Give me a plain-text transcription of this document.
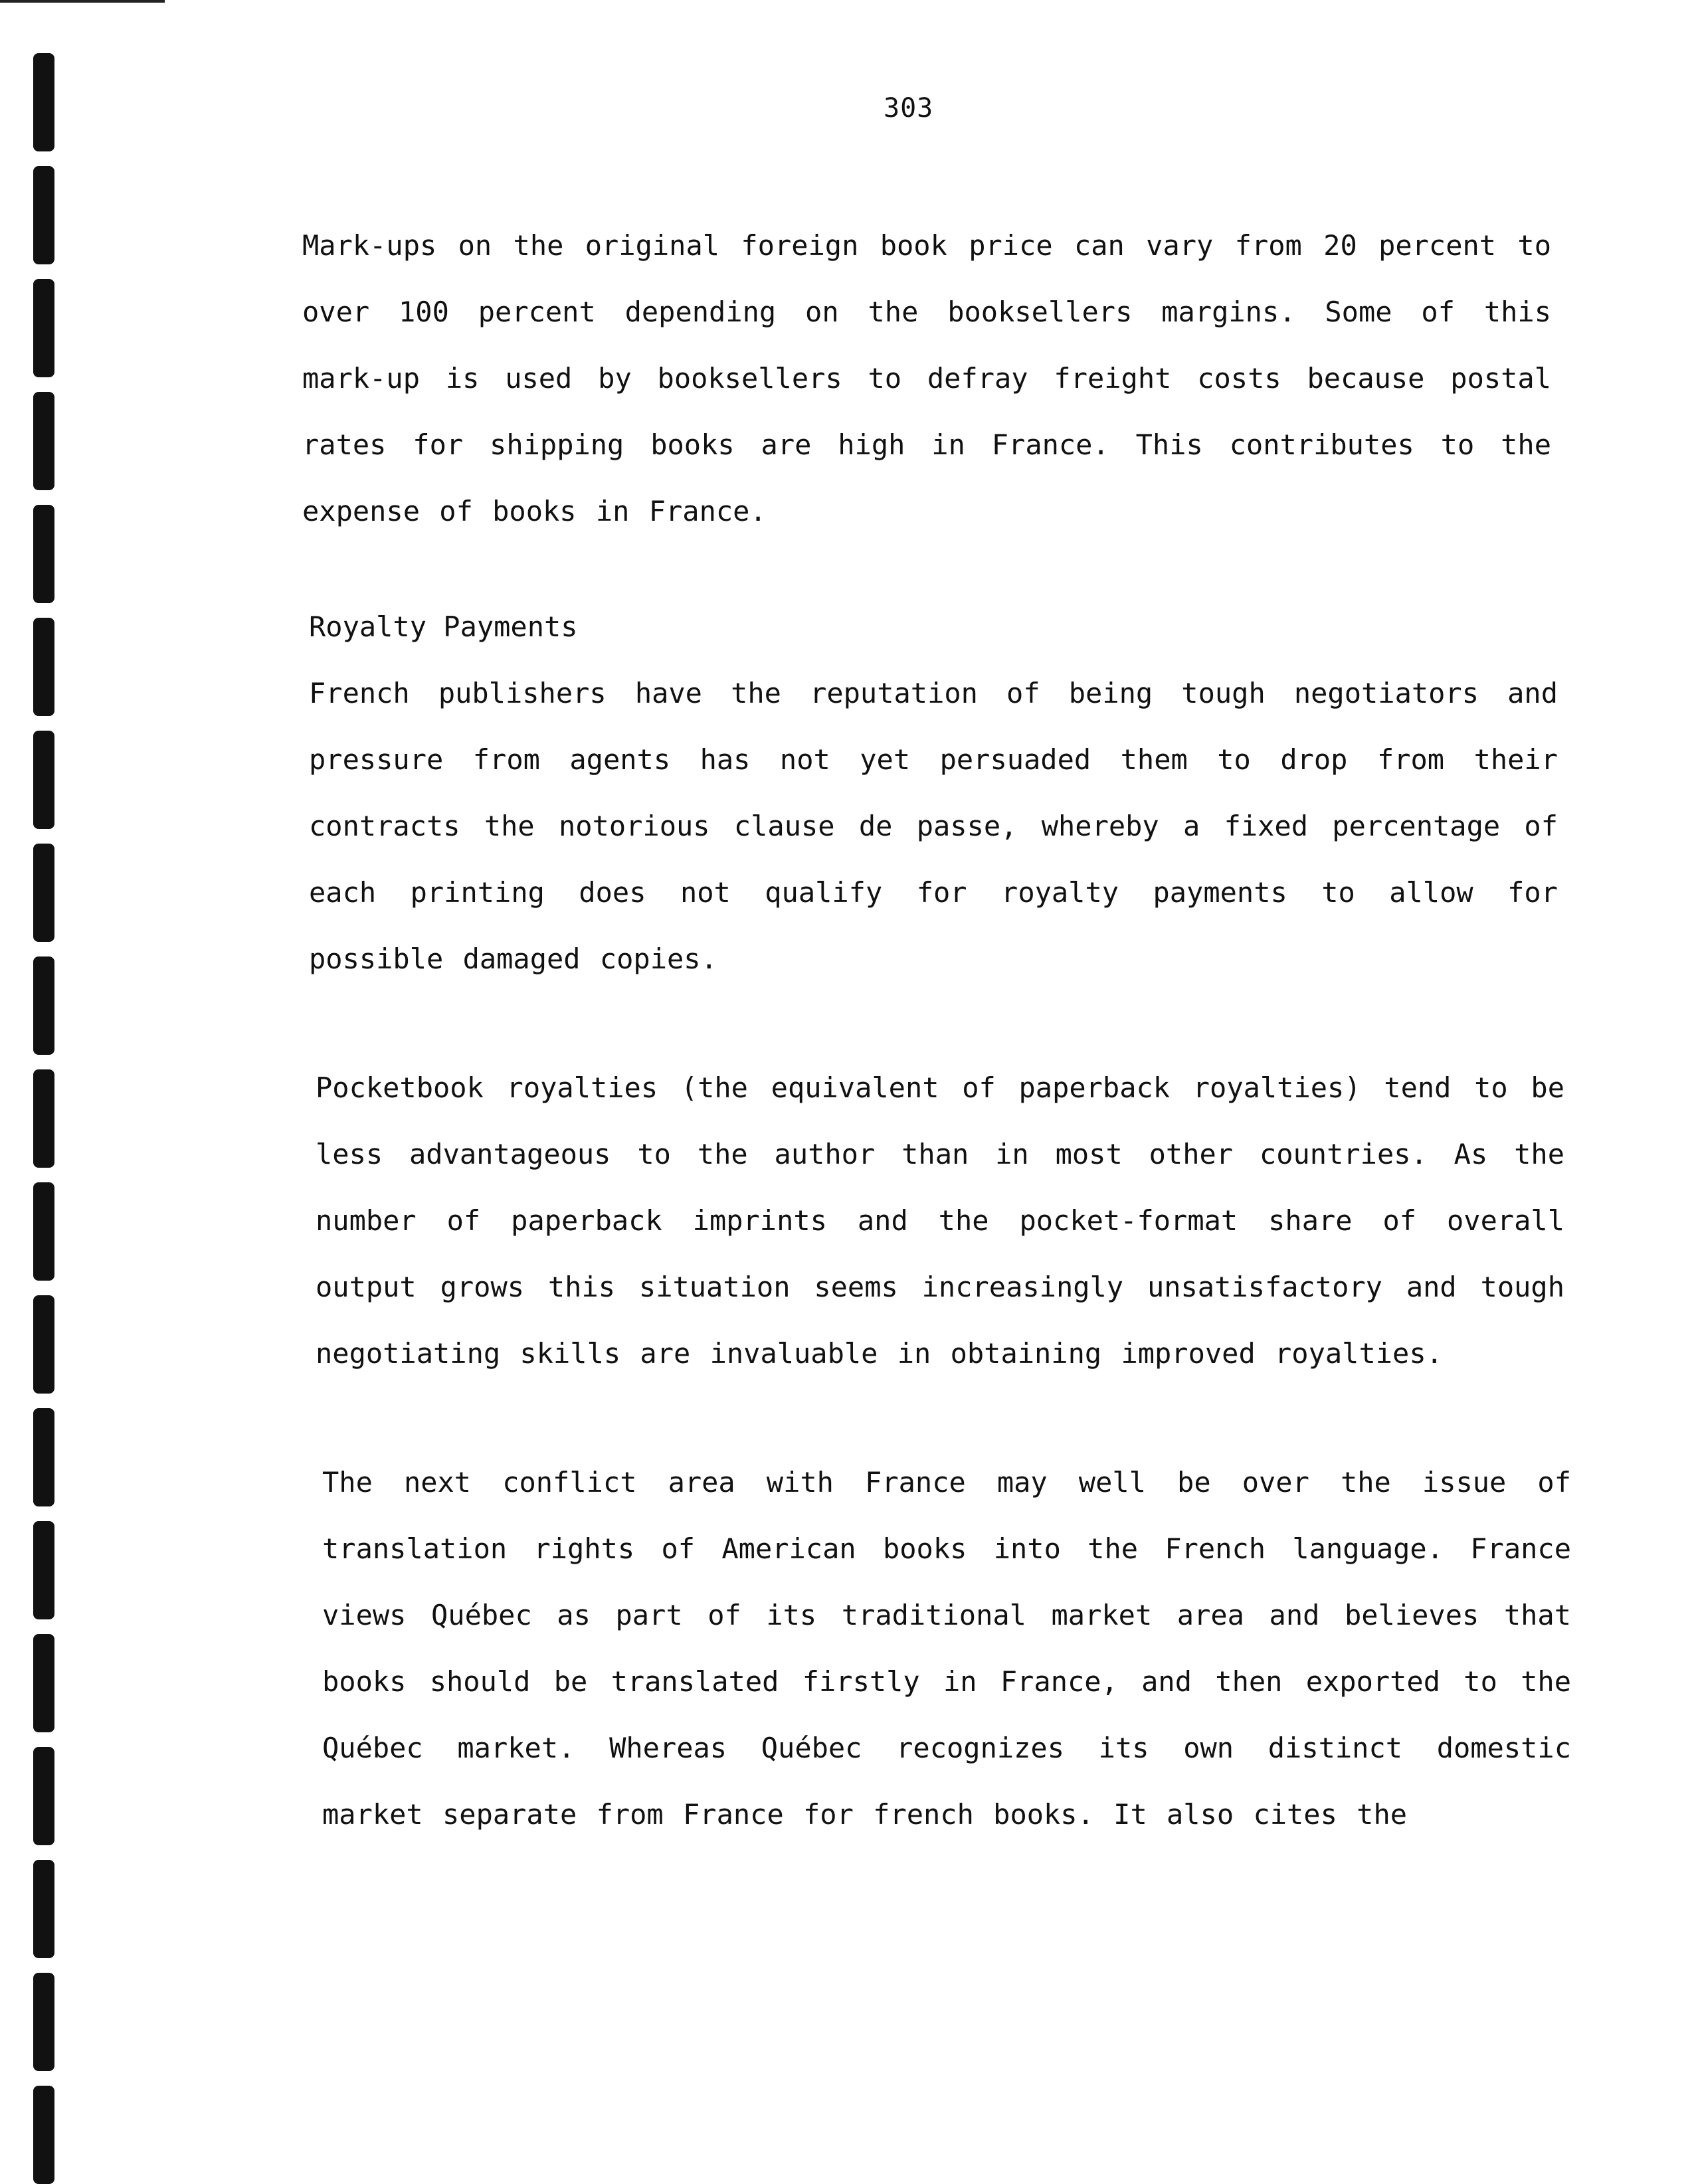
303

Mark-ups on the original foreign book price can vary from 20 percent to over 100 percent depending on the booksellers margins. Some of this mark-up is used by booksellers to defray freight costs because postal rates for shipping books are high in France. This contributes to the expense of books in France.

Royalty Payments

French publishers have the reputation of being tough negotiators and pressure from agents has not yet persuaded them to drop from their contracts the notorious clause de passe, whereby a fixed percentage of each printing does not qualify for royalty payments to allow for possible damaged copies.

Pocketbook royalties (the equivalent of paperback royalties) tend to be less advantageous to the author than in most other countries. As the number of paperback imprints and the pocket-format share of overall output grows this situation seems increasingly unsatisfactory and tough negotiating skills are invaluable in obtaining improved royalties.

The next conflict area with France may well be over the issue of translation rights of American books into the French language. France views Québec as part of its traditional market area and believes that books should be translated firstly in France, and then exported to the Québec market. Whereas Québec recognizes its own distinct domestic market separate from France for french books. It also cites the
